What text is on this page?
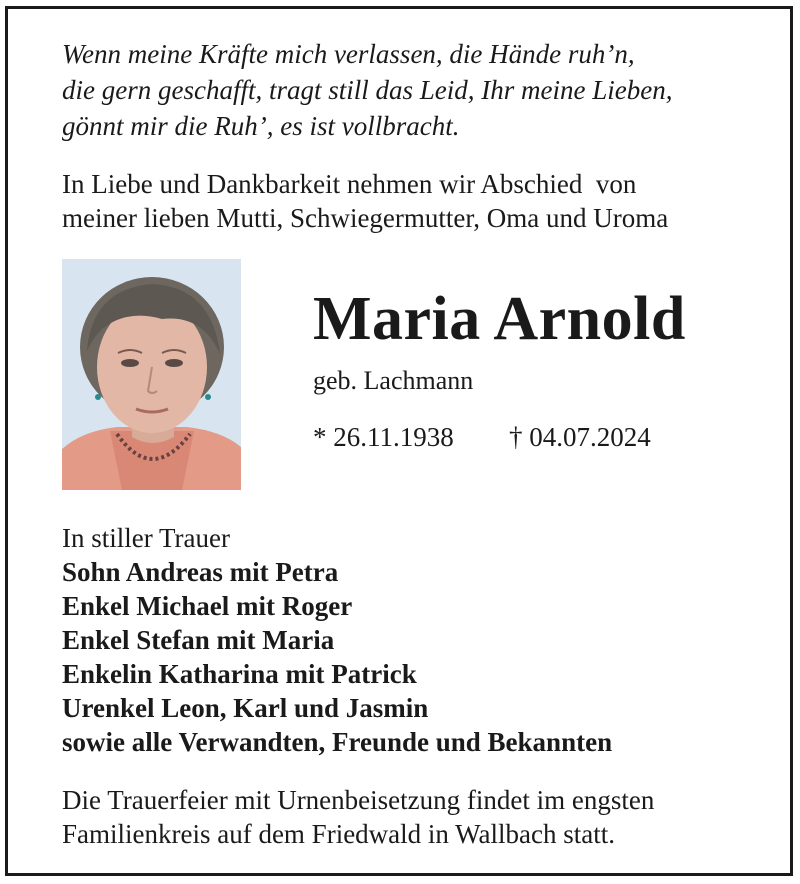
Wenn meine Kräfte mich verlassen, die Hände ruh’n,
die gern geschafft, tragt still das Leid, Ihr meine Lieben,
gönnt mir die Ruh’, es ist vollbracht.
In Liebe und Dankbarkeit nehmen wir Abschied  von
meiner lieben Mutti, Schwiegermutter, Oma und Uroma
Maria Arnold
geb. Lachmann
* 26.11.1938 † 04.07.2024
In stiller Trauer
Sohn Andreas mit Petra
Enkel Michael mit Roger
Enkel Stefan mit Maria
Enkelin Katharina mit Patrick
Urenkel Leon, Karl und Jasmin
sowie alle Verwandten, Freunde und Bekannten
Die Trauerfeier mit Urnenbeisetzung findet im engsten
Familienkreis auf dem Friedwald in Wallbach statt.
